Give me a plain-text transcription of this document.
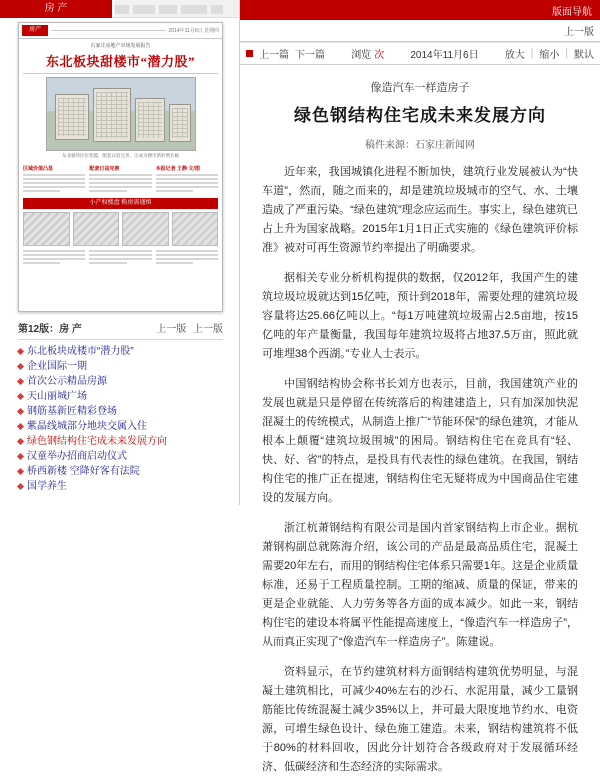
房 产
房产	2014年11月6日 星期四
石家庄房地产市场发展报告
东北板块甜楼市“潜力股”
东北板块区位优越，配套日趋完善，正成为楼市新的增长极
区域价值凸显	配套日益完善	本报记者 王静 文/图
小产权楼盘 购房需谨慎
第12版：房 产	上一版 上一版
东北板块成楼市“潜力股”
企业国际一期
首次公示精品房源
天山丽城广场
钢筋基新匠精彩登场
紫晶线城部分地块交属入住
绿色钢结构住宅成未来发展方向
汉童举办招商启动仪式
桥西新楼 空降好客有法院
国学养生
版面导航
上一版
上一篇 下一篇	浏览 次	2014年11月6日	放大 | 缩小 | 默认
像造汽车一样造房子
绿色钢结构住宅成未来发展方向
稿件来源：石家庄新闻网

近年来，我国城镇化进程不断加快，建筑行业发展被认为“快车道”，然而，随之而来的，却是建筑垃圾城市的空气、水、土壤造成了严重污染。“绿色建筑”理念应运而生。事实上，绿色建筑已占上升为国家战略。2015年1月1日正式实施的《绿色建筑评价标准》被对可再生资源节约率提出了明确要求。

据相关专业分析机构提供的数据，仅2012年，我国产生的建筑垃圾垃圾就达到15亿吨，预计到2018年，需要处理的建筑垃圾容量将达25.66亿吨以上。“每1万吨建筑垃圾需占2.5亩地，按15亿吨的年产量衡量，我国每年建筑垃圾将占地37.5万亩，照此就可堆埋38个西湖。”专业人士表示。

中国钢结构协会称书长刘方也表示，目前，我国建筑产业的发展也就是只是停留在传统落后的构建建造上，只有加深加快泥混凝土的传统模式，从制造上推广“节能环保”的绿色建筑，才能从根本上颠覆“建筑垃圾围城”的困局。钢结构住宅在竞具有“轻、快、好、省”的特点，是投具有代表性的绿色建筑。在我国，钢结构住宅的推广正在提速，钢结构住宅无疑将成为中国商品住宅建设的发展方向。

浙江杭萧钢结构有限公司是国内首家钢结构上市企业。据杭萧钢构副总就陈海介绍，该公司的产品是最高品质住宅，混凝土需要20年左右，而用的钢结构住宅体系只需要1年。这是企业质量标准，还易于工程质量控制。工期的缩减、质量的保证，带来的更是企业就能、人力劳务等各方面的成本减少。如此一来，钢结构住宅的建设本将属平性能提高速度上，“像造汽车一样造房子”，从而真正实现了“像造汽车一样造房子”。陈建说。

资料显示，在节约建筑材料方面钢结构建筑优势明显，与混凝土建筑相比，可减少40%左右的沙石、水泥用量，减少工量钢筋能比传统混凝土减少35%以上，并可最大限度地节约水、电资源，可增生绿色设计、绿色施工建造。未来，钢结构建筑将不低于80%的材料回收，因此分计划符合各级政府对于发展循环经济、低碳经济和生态经济的实际需求。
